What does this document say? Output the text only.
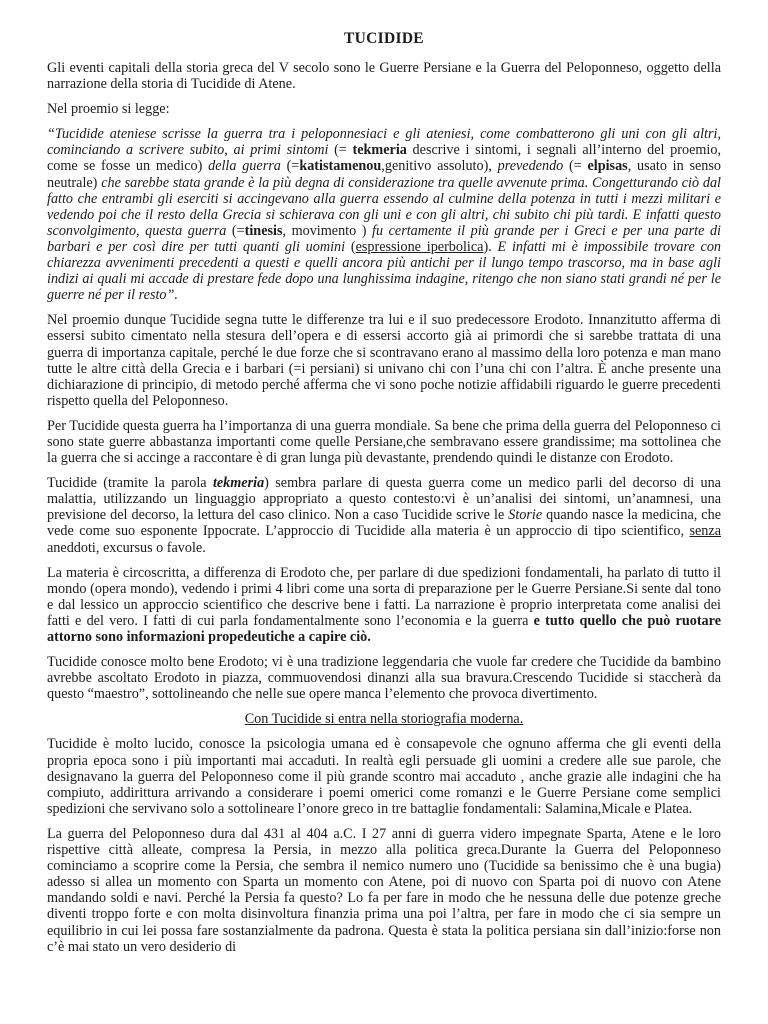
TUCIDIDE

Gli eventi capitali della storia greca del V secolo sono le Guerre Persiane e la Guerra del Peloponneso, oggetto della narrazione della storia di Tucidide di Atene.

Nel proemio si legge:

“Tucidide ateniese scrisse la guerra tra i peloponnesiaci e gli ateniesi, come combatterono gli uni con gli altri, cominciando a scrivere subito, ai primi sintomi (= tekmeria descrive i sintomi, i segnali all’interno del proemio, come se fosse un medico) della guerra (=katistamenou,genitivo assoluto), prevedendo (= elpisas, usato in senso neutrale) che sarebbe stata grande è la più degna di considerazione tra quelle avvenute prima. Congetturando ciò dal fatto che entrambi gli eserciti si accingevano alla guerra essendo al culmine della potenza in tutti i mezzi militari e vedendo poi che il resto della Grecia si schierava con gli uni e con gli altri, chi subito chi più tardi. E infatti questo sconvolgimento, questa guerra (=tinesis, movimento ) fu certamente il più grande per i Greci e per una parte di barbari e per così dire per tutti quanti gli uomini (espressione iperbolica). E infatti mi è impossibile trovare con chiarezza avvenimenti precedenti a questi e quelli ancora più antichi per il lungo tempo trascorso, ma in base agli indizi ai quali mi accade di prestare fede dopo una lunghissima indagine, ritengo che non siano stati grandi né per le guerre né per il resto”.

Nel proemio dunque Tucidide segna tutte le differenze tra lui e il suo predecessore Erodoto. Innanzitutto afferma di essersi subito cimentato nella stesura dell’opera e di essersi accorto già ai primordi che si sarebbe trattata di una guerra di importanza capitale, perché le due forze che si scontravano erano al massimo della loro potenza e man mano tutte le altre città della Grecia e i barbari (=i persiani) si univano chi con l’una chi con l’altra. È anche presente una dichiarazione di principio, di metodo perché afferma che vi sono poche notizie affidabili riguardo le guerre precedenti rispetto quella del Peloponneso.

Per Tucidide questa guerra ha l’importanza di una guerra mondiale. Sa bene che prima della guerra del Peloponneso ci sono state guerre abbastanza importanti come quelle Persiane,che sembravano essere grandissime; ma sottolinea che la guerra che si accinge a raccontare è di gran lunga più devastante, prendendo quindi le distanze con Erodoto.

Tucidide (tramite la parola tekmeria) sembra parlare di questa guerra come un medico parli del decorso di una malattia, utilizzando un linguaggio appropriato a questo contesto:vi è un’analisi dei sintomi, un’anamnesi, una previsione del decorso, la lettura del caso clinico. Non a caso Tucidide scrive le Storie quando nasce la medicina, che vede come suo esponente Ippocrate. L’approccio di Tucidide alla materia è un approccio di tipo scientifico, senza aneddoti, excursus o favole.

La materia è circoscritta, a differenza di Erodoto che, per parlare di due spedizioni fondamentali, ha parlato di tutto il mondo (opera mondo), vedendo i primi 4 libri come una sorta di preparazione per le Guerre Persiane.Si sente dal tono e dal lessico un approccio scientifico che descrive bene i fatti. La narrazione è proprio interpretata come analisi dei fatti e del vero. I fatti di cui parla fondamentalmente sono l’economia e la guerra e tutto quello che può ruotare attorno sono informazioni propedeutiche a capire ciò.

Tucidide conosce molto bene Erodoto; vi è una tradizione leggendaria che vuole far credere che Tucidide da bambino avrebbe ascoltato Erodoto in piazza, commuovendosi dinanzi alla sua bravura.Crescendo Tucidide si staccherà da questo “maestro”, sottolineando che nelle sue opere manca l’elemento che provoca divertimento.

Con Tucidide si entra nella storiografia moderna.

Tucidide è molto lucido, conosce la psicologia umana ed è consapevole che ognuno afferma che gli eventi della propria epoca sono i più importanti mai accaduti. In realtà egli persuade gli uomini a credere alle sue parole, che designavano la guerra del Peloponneso come il più grande scontro mai accaduto , anche grazie alle indagini che ha compiuto, addirittura arrivando a considerare i poemi omerici come romanzi e le Guerre Persiane come semplici spedizioni che servivano solo a sottolineare l’onore greco in tre battaglie fondamentali: Salamina,Micale e Platea.

La guerra del Peloponneso dura dal 431 al 404 a.C. I 27 anni di guerra videro impegnate Sparta, Atene e le loro rispettive città alleate, compresa la Persia, in mezzo alla politica greca.Durante la Guerra del Peloponneso cominciamo a scoprire come la Persia, che sembra il nemico numero uno (Tucidide sa benissimo che è una bugia) adesso si allea un momento con Sparta un momento con Atene, poi di nuovo con Sparta poi di nuovo con Atene mandando soldi e navi. Perché la Persia fa questo? Lo fa per fare in modo che he nessuna delle due potenze greche diventi troppo forte e con molta disinvoltura finanzia prima una poi l’altra, per fare in modo che ci sia sempre un equilibrio in cui lei possa fare sostanzialmente da padrona. Questa è stata la politica persiana sin dall’inizio:forse non c’è mai stato un vero desiderio di
